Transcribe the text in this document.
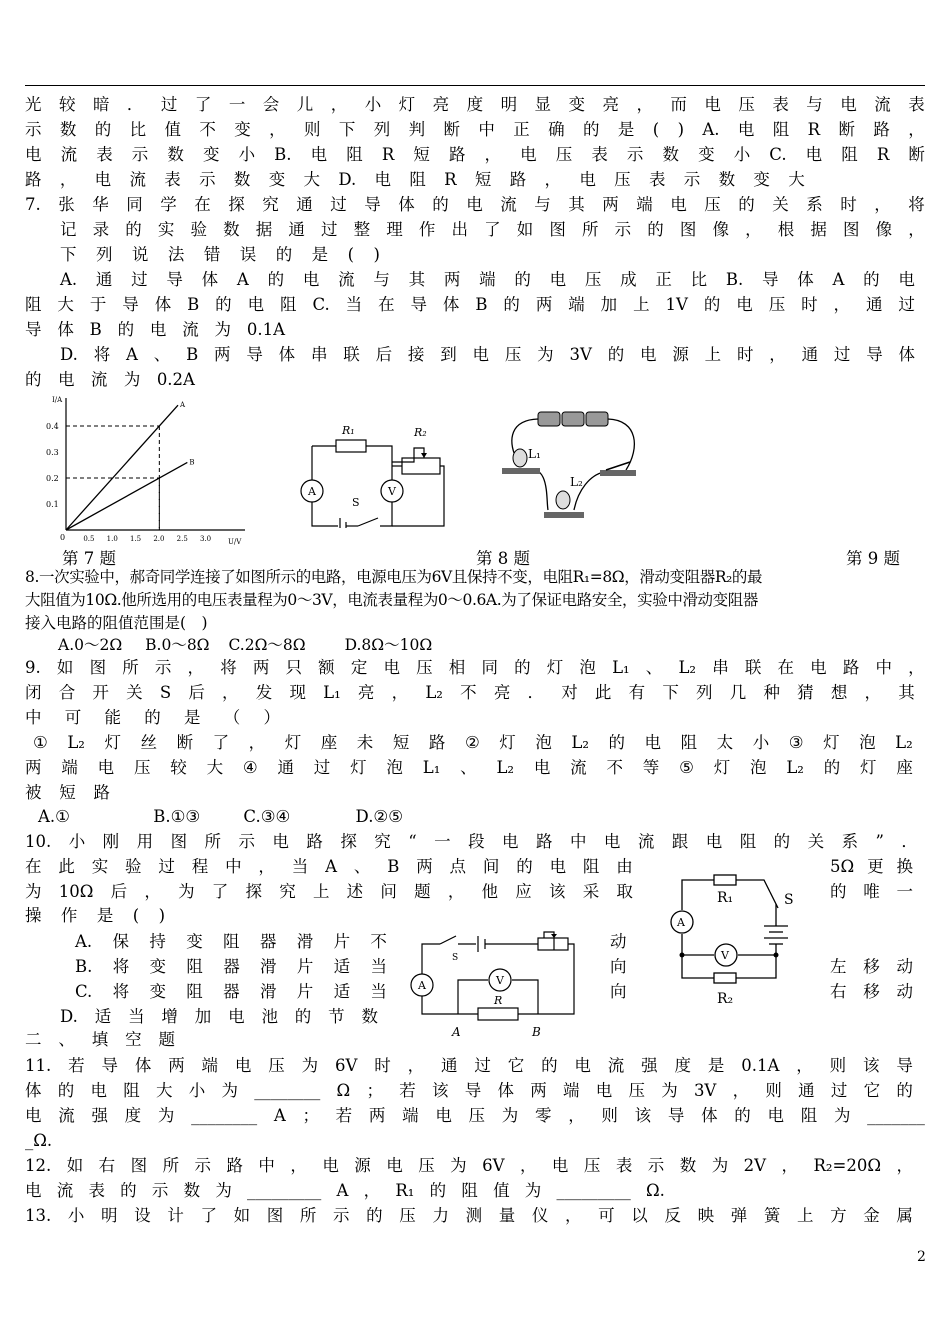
光 较 暗 ． 过 了 一 会 儿 ， 小 灯 亮 度 明 显 变 亮 ， 而 电 压 表 与 电 流 表
示 数 的 比 值 不 变 ， 则 下 列 判 断 中 正 确 的 是 ( ) A. 电 阻 R 断 路 ，
电 流 表 示 数 变 小 B. 电 阻 R 短 路 ， 电 压 表 示 数 变 小 C. 电 阻 R 断
路 ， 电 流 表 示 数 变 大 D. 电 阻 R 短 路 ， 电 压 表 示 数 变 大
7. 张 华 同 学 在 探 究 通 过 导 体 的 电 流 与 其 两 端 电 压 的 关 系 时 ， 将
记 录 的 实 验 数 据 通 过 整 理 作 出 了 如 图 所 示 的 图 像 ， 根 据 图 像 ，
下 列 说 法 错 误 的 是 ( )
A. 通 过 导 体 A 的 电 流 与 其 两 端 的 电 压 成 正 比 B. 导 体 A 的 电
阻 大 于 导 体 B 的 电 阻 C. 当 在 导 体 B 的 两 端 加 上 1V 的 电 压 时 ， 通 过
导 体 B 的 电 流 为 0.1A
D. 将 A 、 B 两 导 体 串 联 后 接 到 电 压 为 3V 的 电 源 上 时 ， 通 过 导 体
的 电 流 为 0.2A
I/A
U/V
0
0.4
0.3
0.2
0.1
0.5 1.0 1.5 2.0 2.5 3.0
A
B
第 7 题
R₁	R₂
A	V
S
第 8 题
L₁
L₂
第 9 题
8.一次实验中，郝奇同学连接了如图所示的电路，电源电压为6V且保持不变，电阻R₁=8Ω，滑动变阻器R₂的最
大阻值为10Ω.他所选用的电压表量程为0～3V，电流表量程为0～0.6A.为了保证电路安全，实验中滑动变阻器
接入电路的阻值范围是(　)
A.0～2Ω B.0～8Ω C.2Ω～8Ω	D.8Ω～10Ω
9. 如 图 所 示 ， 将 两 只 额 定 电 压 相 同 的 灯 泡 L₁ 、 L₂ 串 联 在 电 路 中 ，
闭 合 开 关 S 后 ， 发 现 L₁ 亮 ， L₂ 不 亮 ． 对 此 有 下 列 几 种 猜 想 ， 其
中 可 能 的 是 （ ）
① L₂ 灯 丝 断 了 ， 灯 座 未 短 路 ② 灯 泡 L₂ 的 电 阻 太 小 ③ 灯 泡 L₂
两 端 电 压 较 大 ④ 通 过 灯 泡 L₁ 、 L₂ 电 流 不 等 ⑤ 灯 泡 L₂ 的 灯 座
被 短 路
A.①	B.①③	C.③④	D.②⑤
10. 小 刚 用 图 所 示 电 路 探 究 “ 一 段 电 路 中 电 流 跟 电 阻 的 关 系 ” ．
在 此 实 验 过 程 中 ， 当 A 、 B 两 点 间 的 电 阻 由	5Ω 更 换
为 10Ω 后 ， 为 了 探 究 上 述 问 题 ， 他 应 该 采 取	的 唯 一
操 作 是 ( )
A. 保 持 变 阻 器 滑 片 不	动
B. 将 变 阻 器 滑 片 适 当	向	左 移 动
C. 将 变 阻 器 滑 片 适 当	向	右 移 动
D. 适 当 增 加 电 池 的 节 数
S
A	V
R
A	B
R₁
R₂
S
A
V
二 、 填 空 题
11. 若 导 体 两 端 电 压 为 6V 时 ， 通 过 它 的 电 流 强 度 是 0.1A ， 则 该 导
体 的 电 阻 大 小 为 ________ Ω ； 若 该 导 体 两 端 电 压 为 3V ， 则 通 过 它 的
电 流 强 度 为 ________ A ； 若 两 端 电 压 为 零 ， 则 该 导 体 的 电 阻 为 _______
_Ω.
12. 如 右 图 所 示 路 中 ， 电 源 电 压 为 6V ， 电 压 表 示 数 为 2V ， R₂=20Ω ，
电 流 表 的 示 数 为 _________ A ， R₁ 的 阻 值 为 _________ Ω.
13. 小 明 设 计 了 如 图 所 示 的 压 力 测 量 仪 ， 可 以 反 映 弹 簧 上 方 金 属
2
